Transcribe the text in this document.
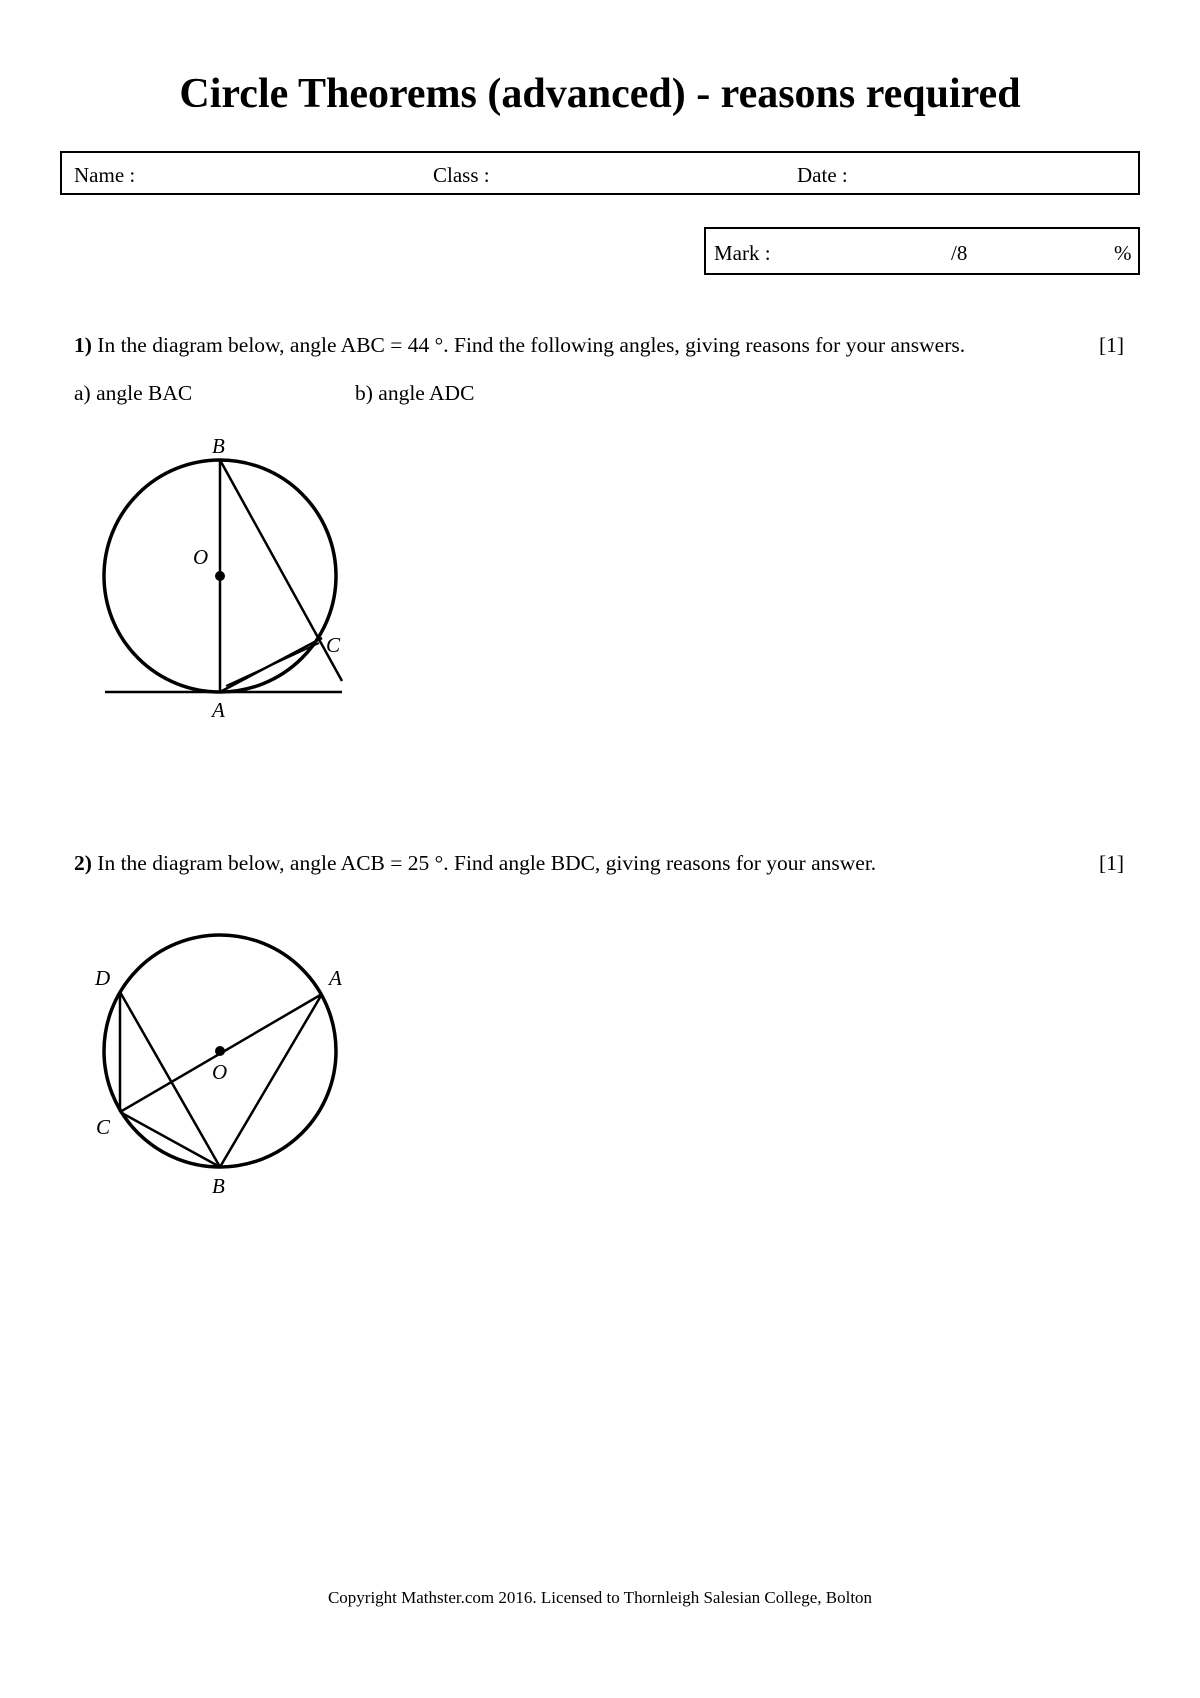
Circle Theorems (advanced) - reasons required
Name :	Class :	Date :
Mark :	/8	%
1) In the diagram below, angle ABC = 44 °. Find the following angles, giving reasons for your answers.	[1]
a) angle BAC	b) angle ADC
B
O
C
A
2) In the diagram below, angle ACB = 25 °. Find angle BDC, giving reasons for your answer.	[1]
D	A
O
C
B
Copyright Mathster.com 2016. Licensed to Thornleigh Salesian College, Bolton
